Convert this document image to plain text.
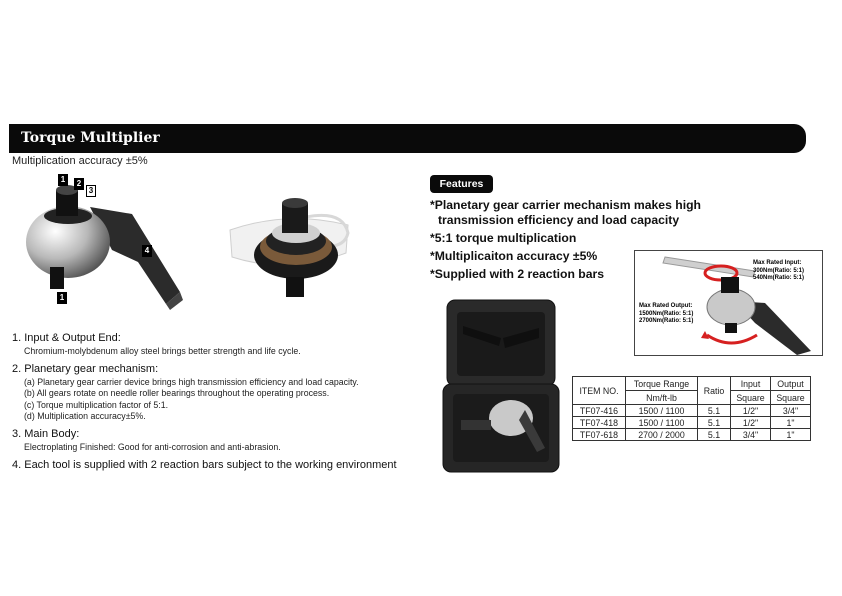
Torque Multiplier
Multiplication accuracy ±5%
1	2
3
4
1
1. Input & Output End:
Chromium-molybdenum alloy steel brings better strength and life cycle.
2. Planetary gear mechanism:
(a) Planetary gear carrier device brings high transmission efficiency and load capacity.
(b) All gears rotate on needle roller bearings throughout the operating process.
(c) Torque multiplication factor of 5:1.
(d) Multiplication accuracy±5%.
3. Main Body:
Electroplating Finished: Good for anti-corrosion and anti-abrasion.
4. Each tool is supplied with 2 reaction bars subject to the working environment
Features
*Planetary gear carrier mechanism makes high
transmission efficiency and load capacity
*5:1 torque multiplication
*Multiplicaiton accuracy ±5%
*Supplied with 2 reaction bars
Max Rated Input:
300Nm(Ratio: 5:1)
540Nm(Ratio: 5:1)
Max Rated Output:
1500Nm(Ratio: 5:1)
2700Nm(Ratio: 5:1)
ITEM NO.	Torque Range	Ratio	Input	Output
	Nm/ft-lb		Square	Square
TF07-416	1500 / 1100	5.1	1/2"	3/4"
TF07-418	1500 / 1100	5.1	1/2"	1"
TF07-618	2700 / 2000	5.1	3/4"	1"
